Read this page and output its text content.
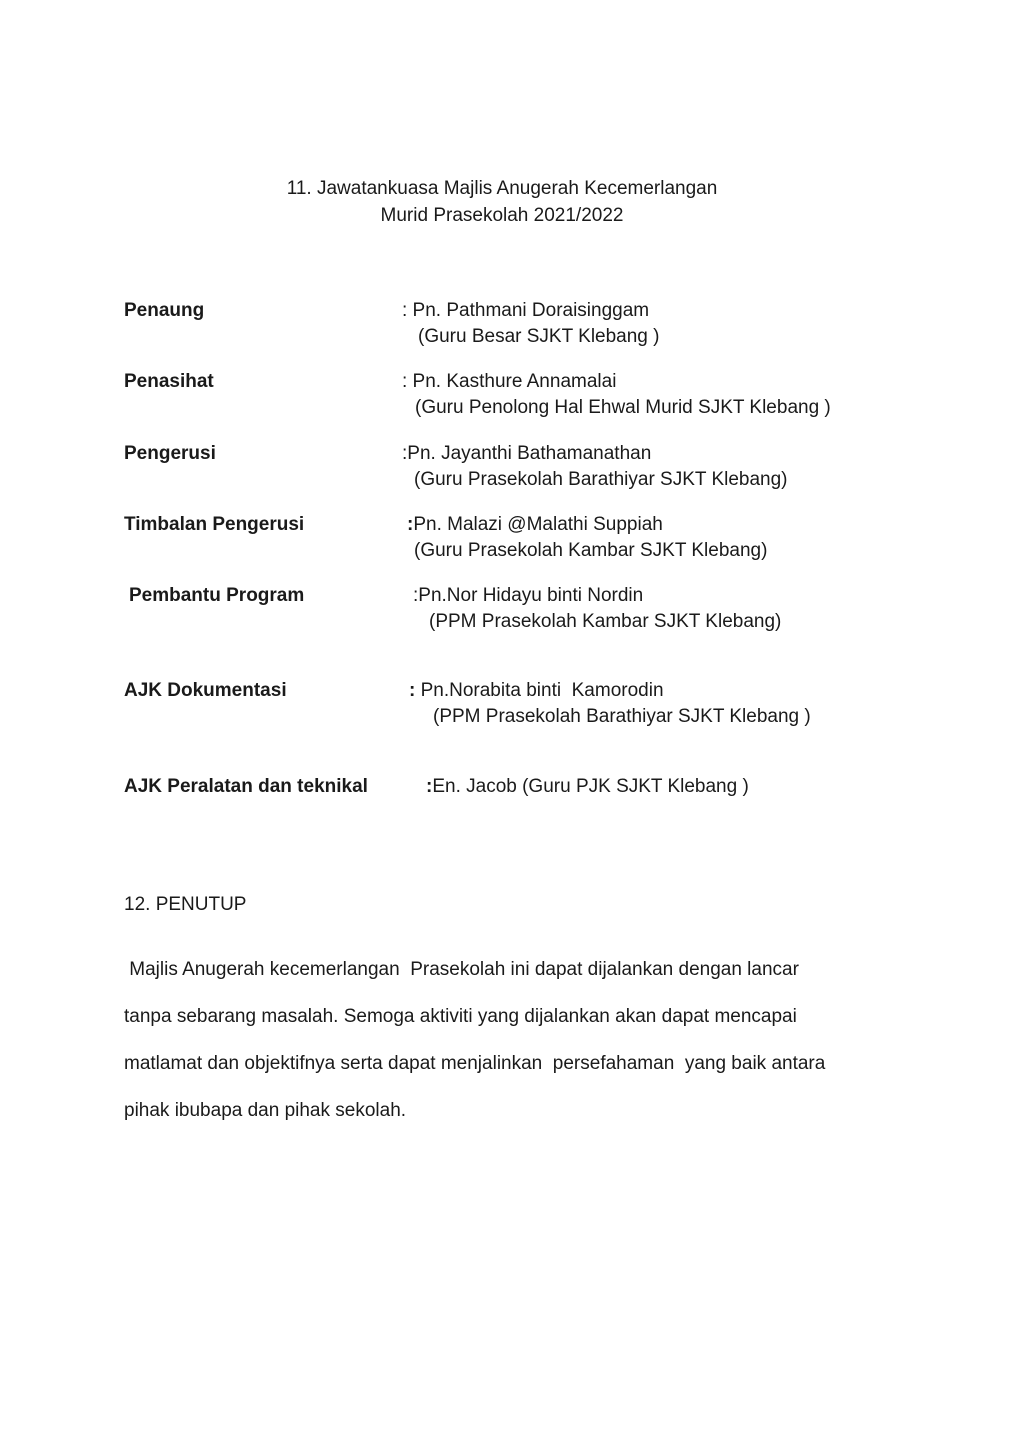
11. Jawatankuasa Majlis Anugerah Kecemerlangan
Murid Prasekolah 2021/2022
Penaung	: Pn. Pathmani Doraisinggam
(Guru Besar SJKT Klebang )
Penasihat	: Pn. Kasthure Annamalai
(Guru Penolong Hal Ehwal Murid SJKT Klebang )
Pengerusi	:Pn. Jayanthi Bathamanathan
(Guru Prasekolah Barathiyar SJKT Klebang)
Timbalan Pengerusi	:Pn. Malazi @Malathi Suppiah
(Guru Prasekolah Kambar SJKT Klebang)
Pembantu Program	:Pn.Nor Hidayu binti Nordin
(PPM Prasekolah Kambar SJKT Klebang)
AJK Dokumentasi	: Pn.Norabita binti  Kamorodin
(PPM Prasekolah Barathiyar SJKT Klebang )
AJK Peralatan dan teknikal	:En. Jacob (Guru PJK SJKT Klebang )
12. PENUTUP
Majlis Anugerah kecemerlangan  Prasekolah ini dapat dijalankan dengan lancar
tanpa sebarang masalah. Semoga aktiviti yang dijalankan akan dapat mencapai
matlamat dan objektifnya serta dapat menjalinkan  persefahaman  yang baik antara
pihak ibubapa dan pihak sekolah.
